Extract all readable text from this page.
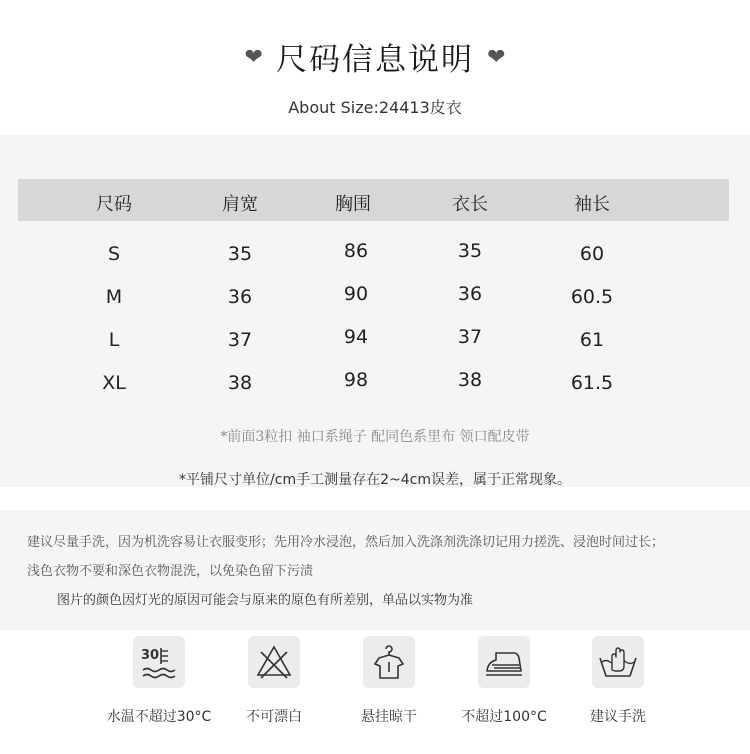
❤ 尺码信息说明 ❤
About Size:24413皮衣
尺码	肩宽	胸围	衣长	袖长
S	35	86	35	60
M	36	90	36	60.5
L	37	94	37	61
XL	38	98	38	61.5
*前面3粒扣 袖口系绳子 配同色系里布 领口配皮带
*平铺尺寸单位/cm手工测量存在2~4cm误差，属于正常现象。

建议尽量手洗，因为机洗容易让衣服变形；先用冷水浸泡，然后加入洗涤剂洗涤切记用力搓洗、浸泡时间过长；

浅色衣物不要和深色衣物混洗，以免染色留下污渍

图片的颜色因灯光的原因可能会与原来的原色有所差别，单品以实物为准

30
水温不超过30°C	不可漂白	悬挂晾干	不超过100°C	建议手洗
